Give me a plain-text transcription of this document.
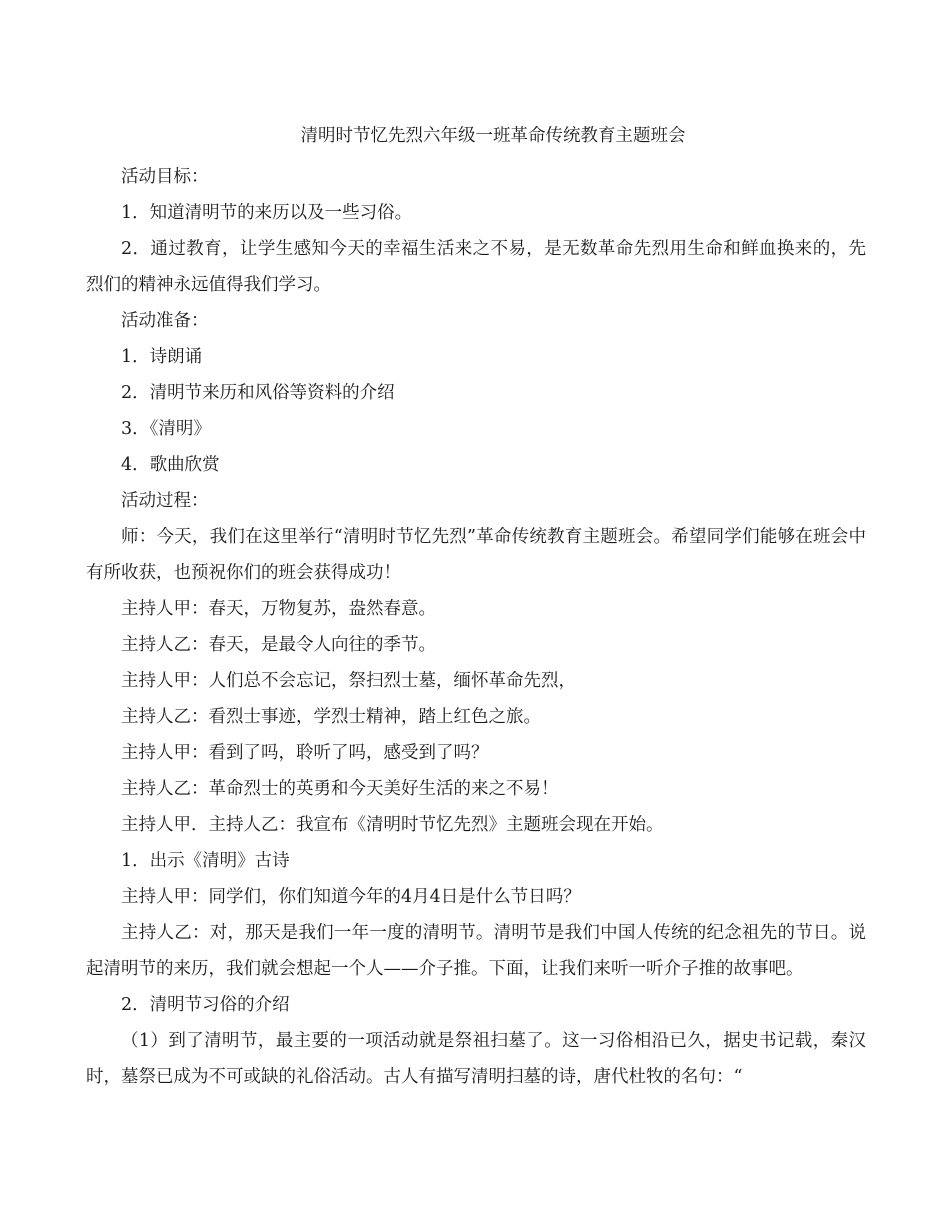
清明时节忆先烈六年级一班革命传统教育主题班会

活动目标：

1．知道清明节的来历以及一些习俗。

2．通过教育，让学生感知今天的幸福生活来之不易，是无数革命先烈用生命和鲜血换来的，先烈们的精神永远值得我们学习。

活动准备：

1．诗朗诵

2．清明节来历和风俗等资料的介绍

3．《清明》

4．歌曲欣赏

活动过程：

师：今天，我们在这里举行“清明时节忆先烈”革命传统教育主题班会。希望同学们能够在班会中有所收获，也预祝你们的班会获得成功！

主持人甲：春天，万物复苏，盎然春意。

主持人乙：春天，是最令人向往的季节。

主持人甲：人们总不会忘记，祭扫烈士墓，缅怀革命先烈，

主持人乙：看烈士事迹，学烈士精神，踏上红色之旅。

主持人甲：看到了吗，聆听了吗，感受到了吗？

主持人乙：革命烈士的英勇和今天美好生活的来之不易！

主持人甲．主持人乙：我宣布《清明时节忆先烈》主题班会现在开始。

1．出示《清明》古诗

主持人甲：同学们，你们知道今年的4月4日是什么节日吗？

主持人乙：对，那天是我们一年一度的清明节。清明节是我们中国人传统的纪念祖先的节日。说起清明节的来历，我们就会想起一个人——介子推。下面，让我们来听一听介子推的故事吧。

2．清明节习俗的介绍

（1）到了清明节，最主要的一项活动就是祭祖扫墓了。这一习俗相沿已久，据史书记载，秦汉时，墓祭已成为不可或缺的礼俗活动。古人有描写清明扫墓的诗，唐代杜牧的名句：“
